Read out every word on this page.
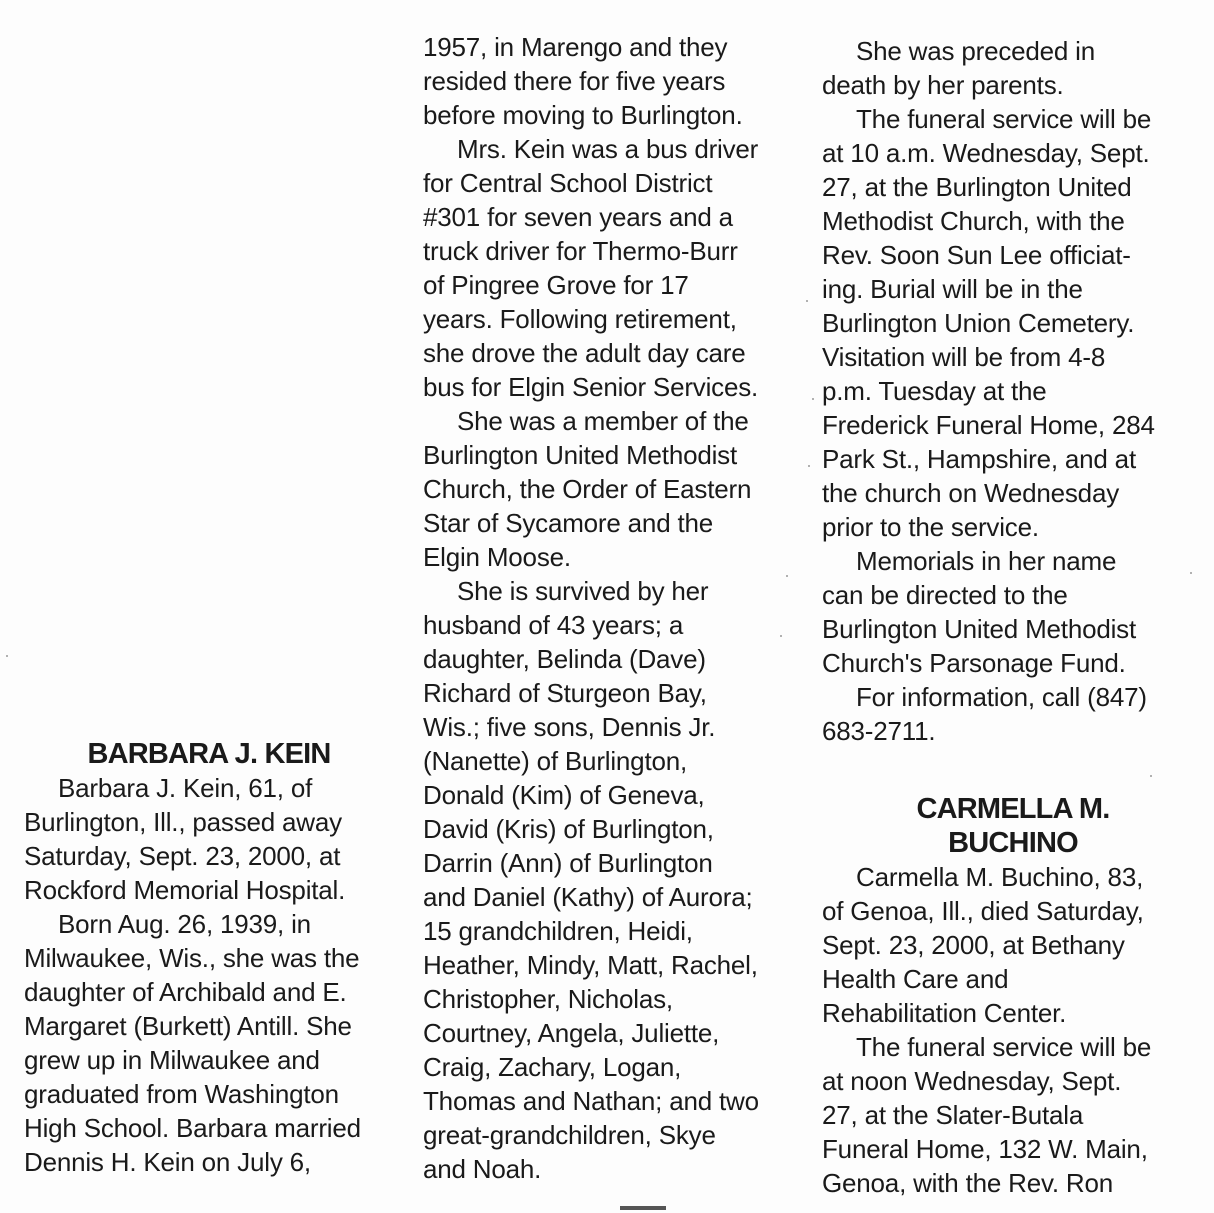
BARBARA J. KEIN
Barbara J. Kein, 61, of
Burlington, Ill., passed away
Saturday, Sept. 23, 2000, at
Rockford Memorial Hospital.
Born Aug. 26, 1939, in
Milwaukee, Wis., she was the
daughter of Archibald and E.
Margaret (Burkett) Antill. She
grew up in Milwaukee and
graduated from Washington
High School. Barbara married
Dennis H. Kein on July 6,
1957, in Marengo and they
resided there for five years
before moving to Burlington.
Mrs. Kein was a bus driver
for Central School District
#301 for seven years and a
truck driver for Thermo-Burr
of Pingree Grove for 17
years. Following retirement,
she drove the adult day care
bus for Elgin Senior Services.
She was a member of the
Burlington United Methodist
Church, the Order of Eastern
Star of Sycamore and the
Elgin Moose.
She is survived by her
husband of 43 years; a
daughter, Belinda (Dave)
Richard of Sturgeon Bay,
Wis.; five sons, Dennis Jr.
(Nanette) of Burlington,
Donald (Kim) of Geneva,
David (Kris) of Burlington,
Darrin (Ann) of Burlington
and Daniel (Kathy) of Aurora;
15 grandchildren, Heidi,
Heather, Mindy, Matt, Rachel,
Christopher, Nicholas,
Courtney, Angela, Juliette,
Craig, Zachary, Logan,
Thomas and Nathan; and two
great-grandchildren, Skye
and Noah.
She was preceded in
death by her parents.
The funeral service will be
at 10 a.m. Wednesday, Sept.
27, at the Burlington United
Methodist Church, with the
Rev. Soon Sun Lee officiat-
ing. Burial will be in the
Burlington Union Cemetery.
Visitation will be from 4-8
p.m. Tuesday at the
Frederick Funeral Home, 284
Park St., Hampshire, and at
the church on Wednesday
prior to the service.
Memorials in her name
can be directed to the
Burlington United Methodist
Church's Parsonage Fund.
For information, call (847)
683-2711.
CARMELLA M.
BUCHINO
Carmella M. Buchino, 83,
of Genoa, Ill., died Saturday,
Sept. 23, 2000, at Bethany
Health Care and
Rehabilitation Center.
The funeral service will be
at noon Wednesday, Sept.
27, at the Slater-Butala
Funeral Home, 132 W. Main,
Genoa, with the Rev. Ron
